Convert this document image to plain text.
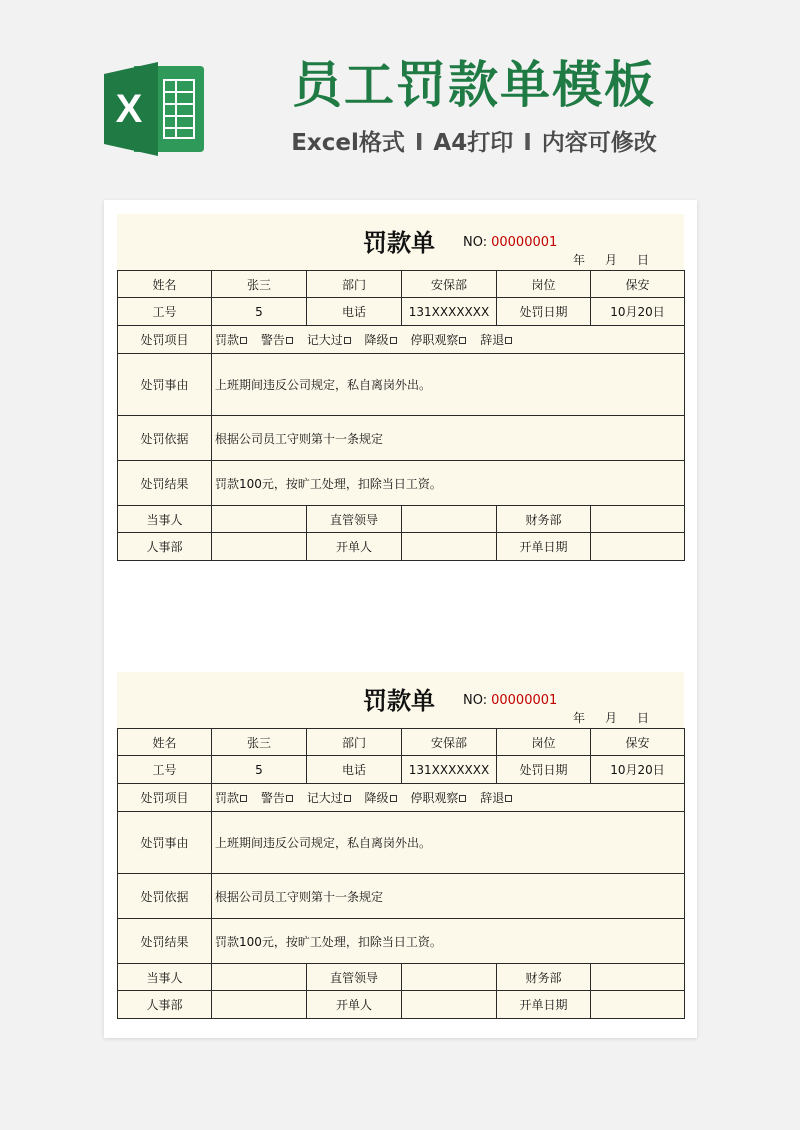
X	员工罚款单模板
Excel格式 I A4打印 I 内容可修改
罚款单 NO: 00000001
年 月 日
姓名	张三	部门	安保部	岗位	保安
工号	5	电话	131XXXXXXX	处罚日期	10月20日
处罚项目	罚款 警告 记大过 降级 停职观察 辞退				
处罚事由	上班期间违反公司规定，私自离岗外出。				
处罚依据	根据公司员工守则第十一条规定				
处罚结果	罚款100元，按旷工处理，扣除当日工资。				
当事人		直管领导		财务部	
人事部		开单人		开单日期	
罚款单 NO: 00000001
年 月 日
姓名	张三	部门	安保部	岗位	保安
工号	5	电话	131XXXXXXX	处罚日期	10月20日
处罚项目	罚款 警告 记大过 降级 停职观察 辞退				
处罚事由	上班期间违反公司规定，私自离岗外出。				
处罚依据	根据公司员工守则第十一条规定				
处罚结果	罚款100元，按旷工处理，扣除当日工资。				
当事人		直管领导		财务部	
人事部		开单人		开单日期	
